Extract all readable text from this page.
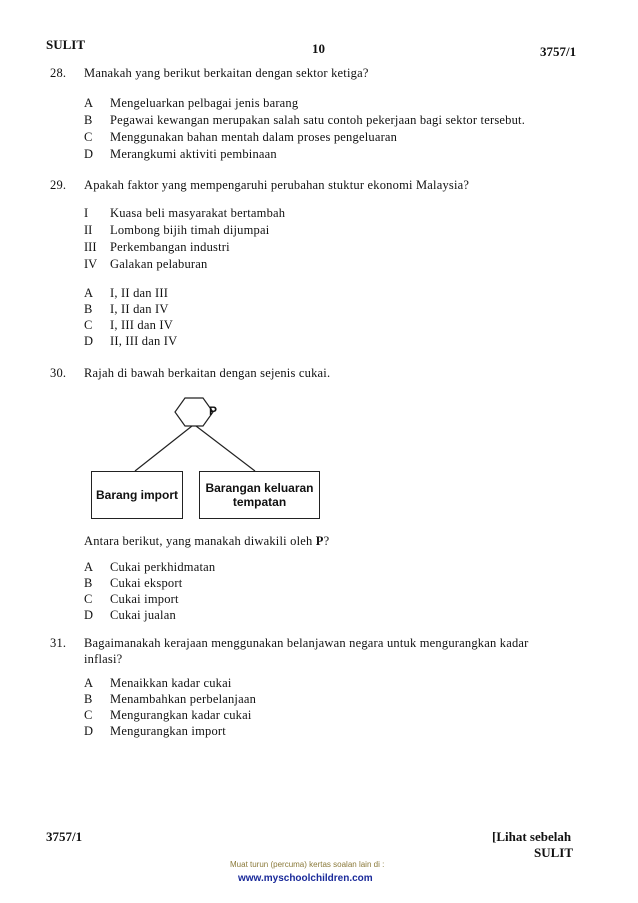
SULIT	10	3757/1
28. Manakah yang berikut berkaitan dengan sektor ketiga?
A Mengeluarkan pelbagai jenis barang
B Pegawai kewangan merupakan salah satu contoh pekerjaan bagi sektor tersebut.
C Menggunakan bahan mentah dalam proses pengeluaran
D Merangkumi aktiviti pembinaan
29. Apakah faktor yang mempengaruhi perubahan stuktur ekonomi Malaysia?
I Kuasa beli masyarakat bertambah
II Lombong bijih timah dijumpai
III Perkembangan industri
IV Galakan pelaburan
A I, II dan III
B I, II dan IV
C I, III dan IV
D II, III dan IV
30. Rajah di bawah berkaitan dengan sejenis cukai.
P
Barang import Barangan keluaran
tempatan
Antara berikut, yang manakah diwakili oleh P?
A Cukai perkhidmatan
B Cukai eksport
C Cukai import
D Cukai jualan
31. Bagaimanakah kerajaan menggunakan belanjawan negara untuk mengurangkan kadar
inflasi?
A Menaikkan kadar cukai
B Menambahkan perbelanjaan
C Mengurangkan kadar cukai
D Mengurangkan import
3757/1	[Lihat sebelah
SULIT
Muat turun (percuma) kertas soalan lain di :
www.myschoolchildren.com
